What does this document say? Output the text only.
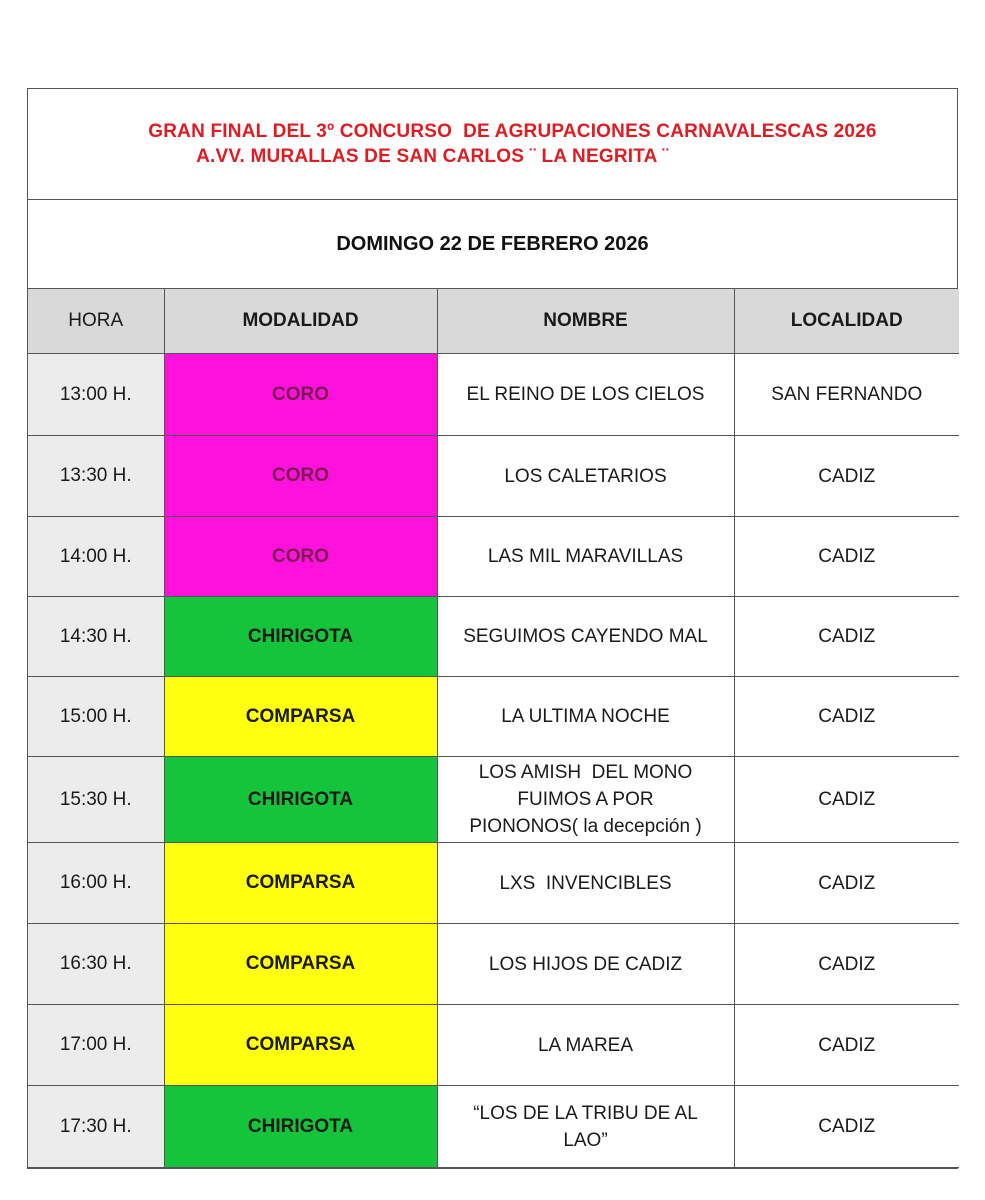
GRAN FINAL DEL 3º CONCURSO  DE AGRUPACIONES CARNAVALESCAS 2026
A.VV. MURALLAS DE SAN CARLOS ¨ LA NEGRITA ¨
DOMINGO 22 DE FEBRERO 2026
HORA	MODALIDAD	NOMBRE	LOCALIDAD
13:00 H.	CORO	EL REINO DE LOS CIELOS	SAN FERNANDO
13:30 H.	CORO	LOS CALETARIOS	CADIZ
14:00 H.	CORO	LAS MIL MARAVILLAS	CADIZ
14:30 H.	CHIRIGOTA	SEGUIMOS CAYENDO MAL	CADIZ
15:00 H.	COMPARSA	LA ULTIMA NOCHE	CADIZ
15:30 H.	CHIRIGOTA	LOS AMISH  DEL MONO
FUIMOS A POR
PIONONOS( la decepción )	CADIZ
16:00 H.	COMPARSA	LXS  INVENCIBLES	CADIZ
16:30 H.	COMPARSA	LOS HIJOS DE CADIZ	CADIZ
17:00 H.	COMPARSA	LA MAREA	CADIZ
17:30 H.	CHIRIGOTA	“LOS DE LA TRIBU DE AL
LAO”	CADIZ
